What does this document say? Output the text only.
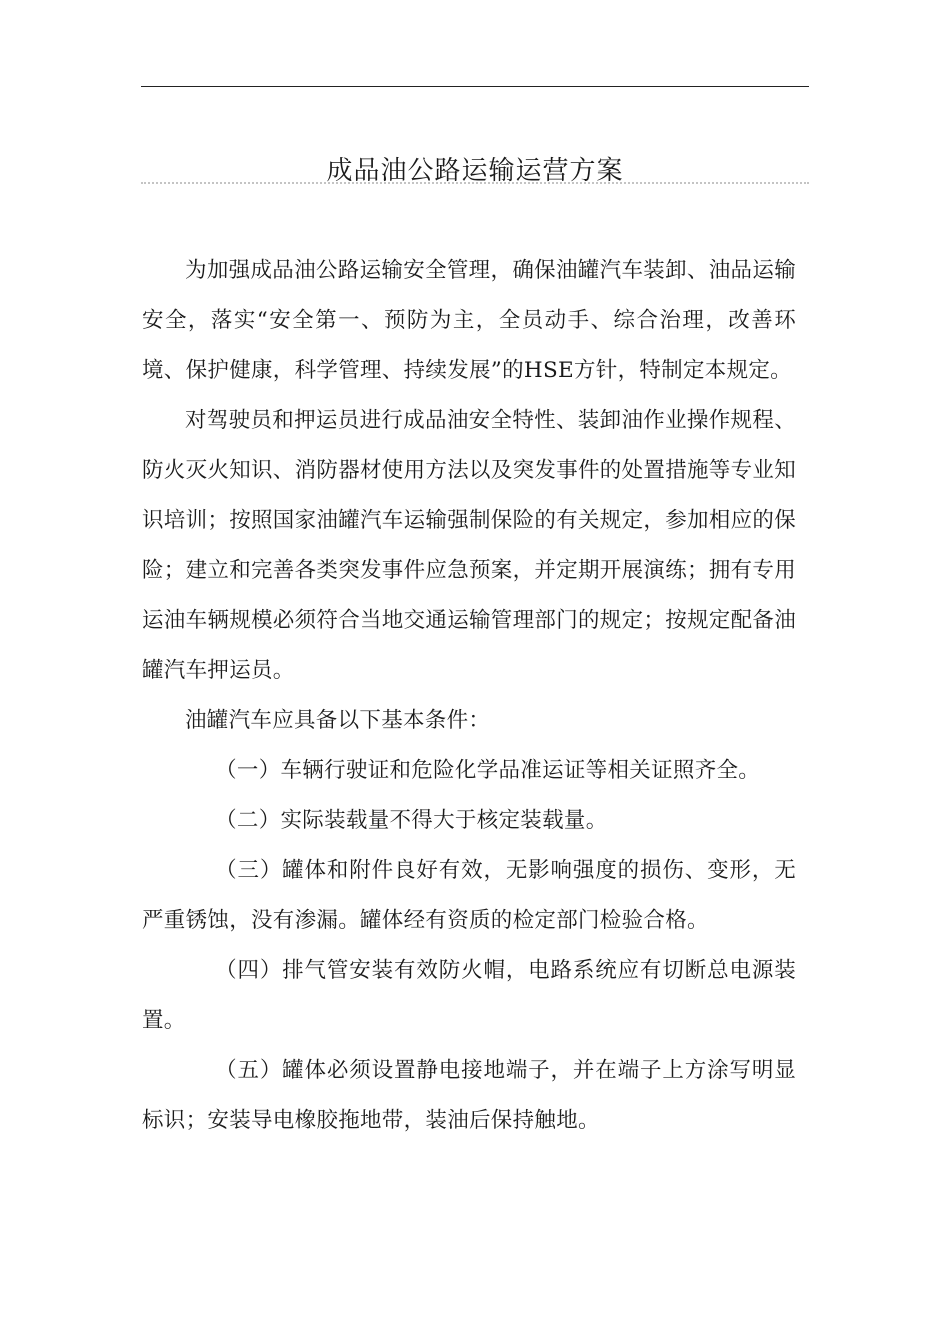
成品油公路运输运营方案

为加强成品油公路运输安全管理，确保油罐汽车装卸、油品运输安全，落实“安全第一、预防为主，全员动手、综合治理，改善环境、保护健康，科学管理、持续发展”的HSE方针，特制定本规定。

对驾驶员和押运员进行成品油安全特性、装卸油作业操作规程、防火灭火知识、消防器材使用方法以及突发事件的处置措施等专业知识培训；按照国家油罐汽车运输强制保险的有关规定，参加相应的保险；建立和完善各类突发事件应急预案，并定期开展演练；拥有专用运油车辆规模必须符合当地交通运输管理部门的规定；按规定配备油罐汽车押运员。

油罐汽车应具备以下基本条件：

（一）车辆行驶证和危险化学品准运证等相关证照齐全。

（二）实际装载量不得大于核定装载量。

（三）罐体和附件良好有效，无影响强度的损伤、变形，无严重锈蚀，没有渗漏。罐体经有资质的检定部门检验合格。

（四）排气管安装有效防火帽，电路系统应有切断总电源装置。

（五）罐体必须设置静电接地端子，并在端子上方涂写明显标识；安装导电橡胶拖地带，装油后保持触地。
